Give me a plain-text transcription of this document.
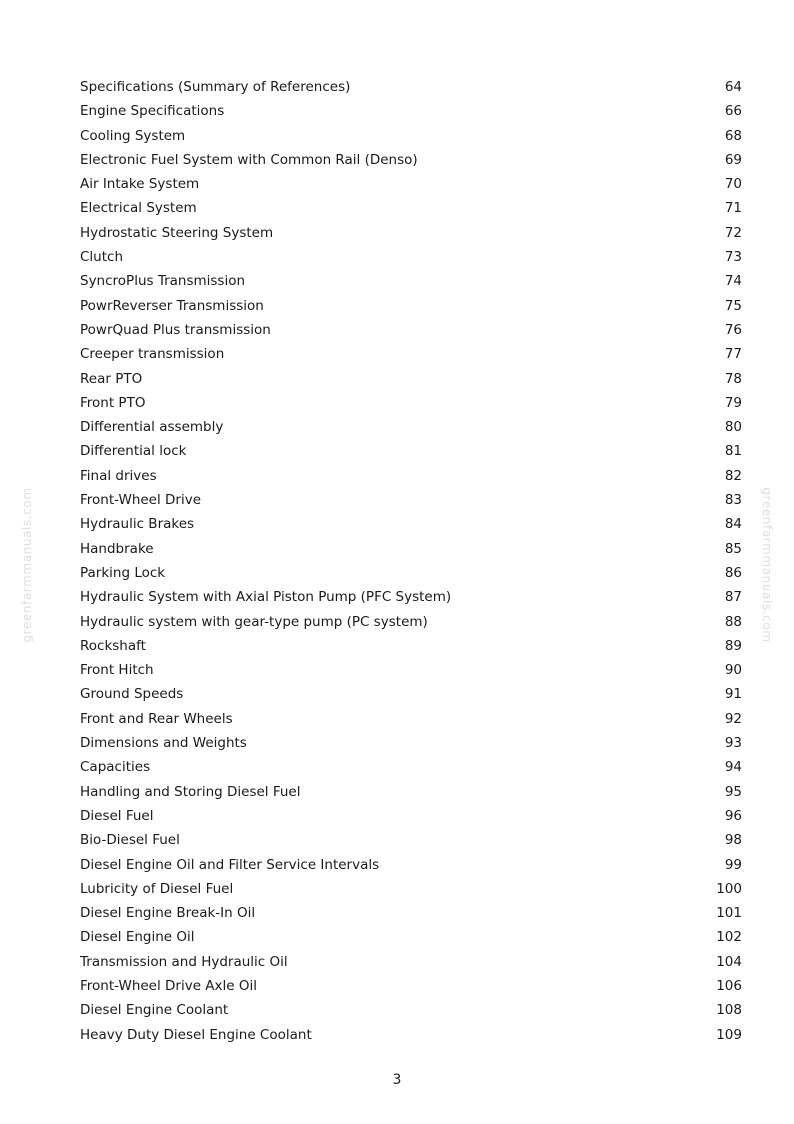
Specifications (Summary of References)	64
Engine Specifications	66
Cooling System	68
Electronic Fuel System with Common Rail (Denso)	69
Air Intake System	70
Electrical System	71
Hydrostatic Steering System	72
Clutch	73
SyncroPlus Transmission	74
PowrReverser Transmission	75
PowrQuad Plus transmission	76
Creeper transmission	77
Rear PTO	78
Front PTO	79
Differential assembly	80
Differential lock	81
Final drives	82
Front-Wheel Drive	83
Hydraulic Brakes	84
Handbrake	85
Parking Lock	86
Hydraulic System with Axial Piston Pump (PFC System)	87
Hydraulic system with gear-type pump (PC system)	88
Rockshaft	89
Front Hitch	90
Ground Speeds	91
Front and Rear Wheels	92
Dimensions and Weights	93
Capacities	94
Handling and Storing Diesel Fuel	95
Diesel Fuel	96
Bio-Diesel Fuel	98
Diesel Engine Oil and Filter Service Intervals	99
Lubricity of Diesel Fuel	100
Diesel Engine Break-In Oil	101
Diesel Engine Oil	102
Transmission and Hydraulic Oil	104
Front-Wheel Drive Axle Oil	106
Diesel Engine Coolant	108
Heavy Duty Diesel Engine Coolant	109
greenfarmmanuals.com	greenfarmmanuals.com
3
